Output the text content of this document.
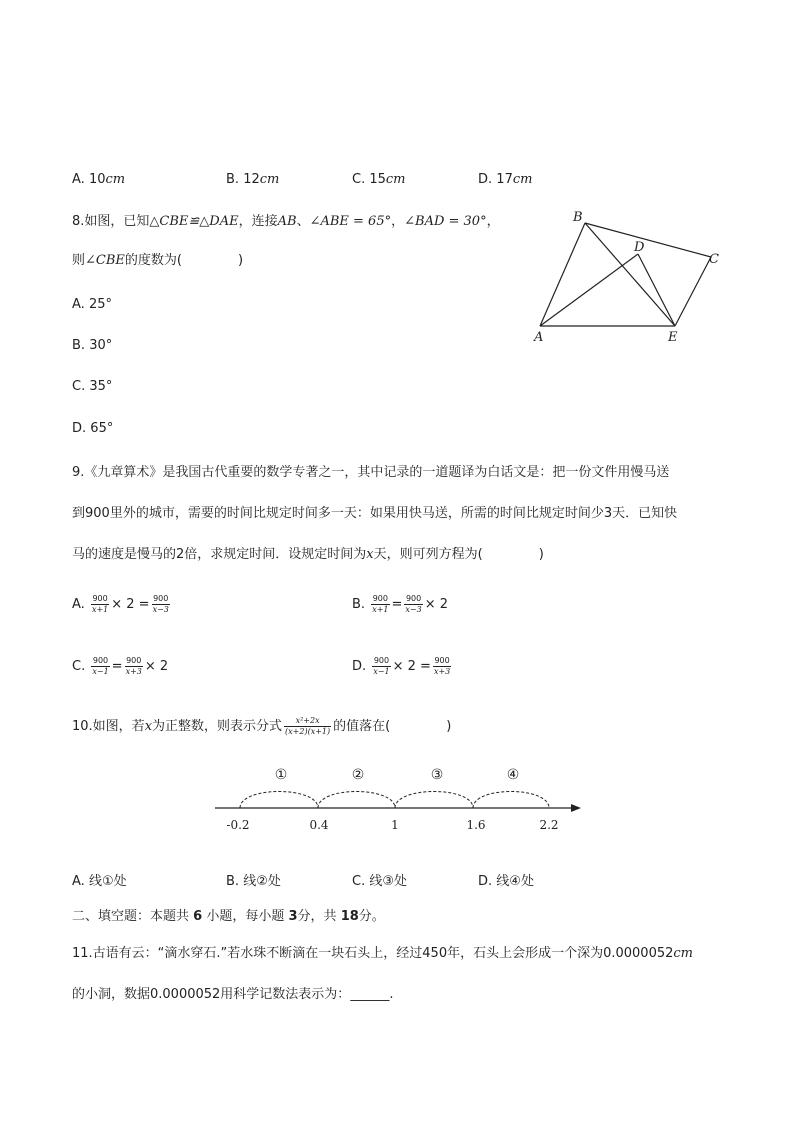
A. 10cm	B. 12cm	C. 15cm	D. 17cm
8.如图，已知△CBE≌△DAE，连接AB、∠ABE = 65°，∠BAD = 30°，
则∠CBE的度数为(	)
A. 25°
B. 30°
C. 35°
D. 65°
B
D
C
A	E
9.《九章算术》是我国古代重要的数学专著之一，其中记录的一道题译为白话文是：把一份文件用慢马送
到900里外的城市，需要的时间比规定时间多一天：如果用快马送，所需的时间比规定时间少3天．已知快
马的速度是慢马的2倍，求规定时间．设规定时间为x天，则可列方程为(	)
A. $\frac{900}{x+1} \times 2 = \frac{900}{x-3}$	B. $\frac{900}{x+1} = \frac{900}{x-3} \times 2$
C. $\frac{900}{x-1} = \frac{900}{x+3} \times 2$	D. $\frac{900}{x-1} \times 2 = \frac{900}{x+3}$
10.如图，若x为正整数，则表示分式 $\frac{\text{x²+2x}}{(x+2)(x+1)}$ 的值落在(	)
①	②	③	④
-0.2	0.4	1	1.6	2.2
A. 线①处	B. 线②处	C. 线③处	D. 线④处
二、填空题：本题共 6 小题，每小题 3分，共 18分。
11.古语有云：“滴水穿石.”若水珠不断滴在一块石头上，经过450年，石头上会形成一个深为0.0000052cm
的小洞，数据0.0000052用科学记数法表示为：______.
